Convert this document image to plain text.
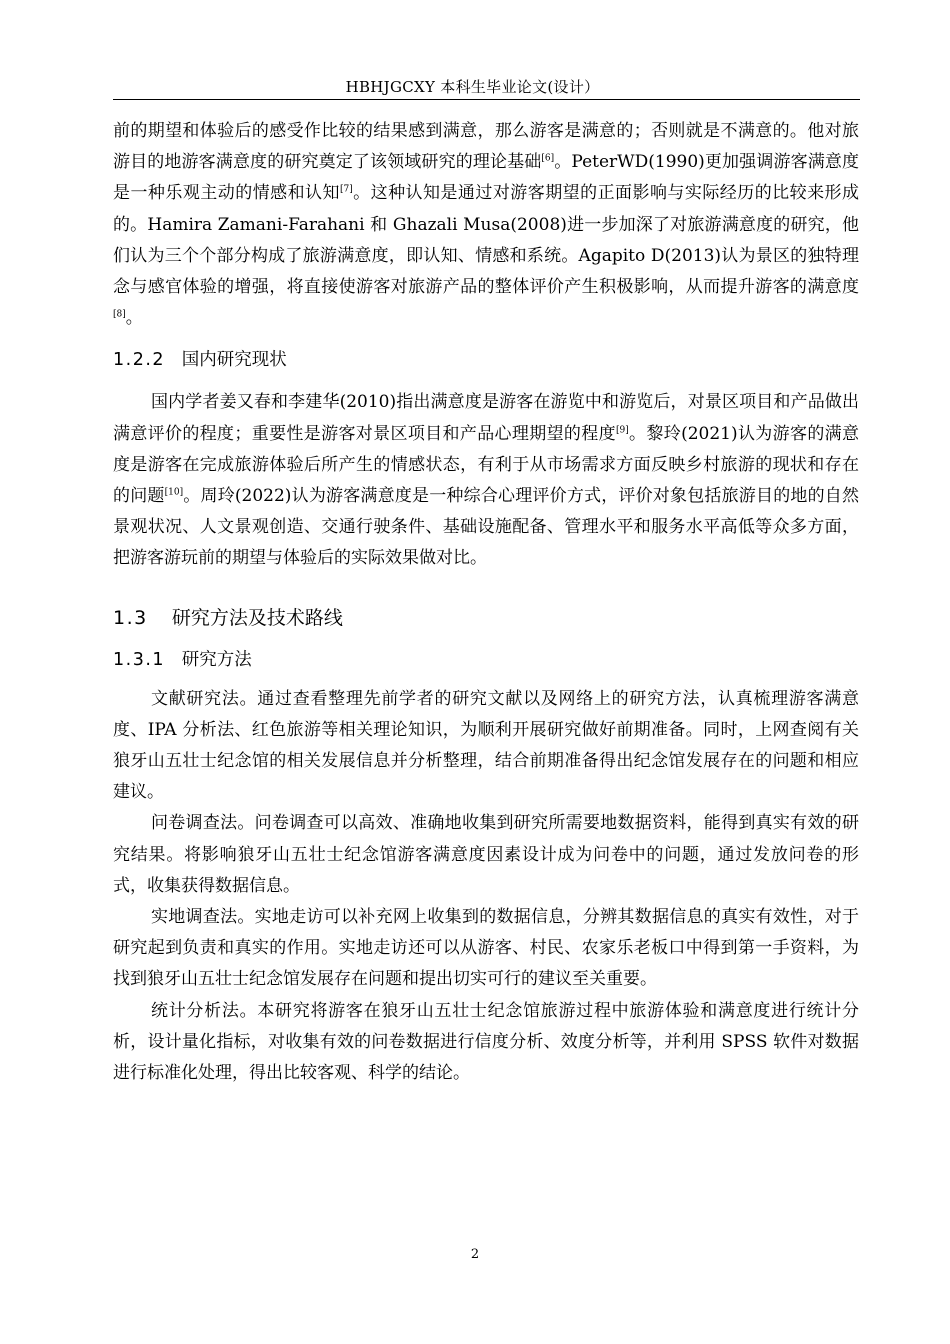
HBHJGCXY 本科生毕业论文(设计）

前的期望和体验后的感受作比较的结果感到满意，那么游客是满意的；否则就是不满意的。他对旅游目的地游客满意度的研究奠定了该领域研究的理论基础[6]。PeterWD(1990)更加强调游客满意度是一种乐观主动的情感和认知[7]。这种认知是通过对游客期望的正面影响与实际经历的比较来形成的。Hamira Zamani-Farahani 和 Ghazali Musa(2008)进一步加深了对旅游满意度的研究，他们认为三个个部分构成了旅游满意度，即认知、情感和系统。Agapito D(2013)认为景区的独特理念与感官体验的增强，将直接使游客对旅游产品的整体评价产生积极影响，从而提升游客的满意度[8]。

1.2.2 国内研究现状

国内学者姜又春和李建华(2010)指出满意度是游客在游览中和游览后，对景区项目和产品做出满意评价的程度；重要性是游客对景区项目和产品心理期望的程度[9]。黎玲(2021)认为游客的满意度是游客在完成旅游体验后所产生的情感状态，有利于从市场需求方面反映乡村旅游的现状和存在的问题[10]。周玲(2022)认为游客满意度是一种综合心理评价方式，评价对象包括旅游目的地的自然景观状况、人文景观创造、交通行驶条件、基础设施配备、管理水平和服务水平高低等众多方面，把游客游玩前的期望与体验后的实际效果做对比。

1.3 研究方法及技术路线
1.3.1 研究方法

文献研究法。通过查看整理先前学者的研究文献以及网络上的研究方法，认真梳理游客满意度、IPA 分析法、红色旅游等相关理论知识，为顺利开展研究做好前期准备。同时，上网查阅有关狼牙山五壮士纪念馆的相关发展信息并分析整理，结合前期准备得出纪念馆发展存在的问题和相应建议。

问卷调查法。问卷调查可以高效、准确地收集到研究所需要地数据资料，能得到真实有效的研究结果。将影响狼牙山五壮士纪念馆游客满意度因素设计成为问卷中的问题，通过发放问卷的形式，收集获得数据信息。

实地调查法。实地走访可以补充网上收集到的数据信息，分辨其数据信息的真实有效性，对于研究起到负责和真实的作用。实地走访还可以从游客、村民、农家乐老板口中得到第一手资料，为找到狼牙山五壮士纪念馆发展存在问题和提出切实可行的建议至关重要。

统计分析法。本研究将游客在狼牙山五壮士纪念馆旅游过程中旅游体验和满意度进行统计分析，设计量化指标，对收集有效的问卷数据进行信度分析、效度分析等，并利用 SPSS 软件对数据进行标准化处理，得出比较客观、科学的结论。

2
